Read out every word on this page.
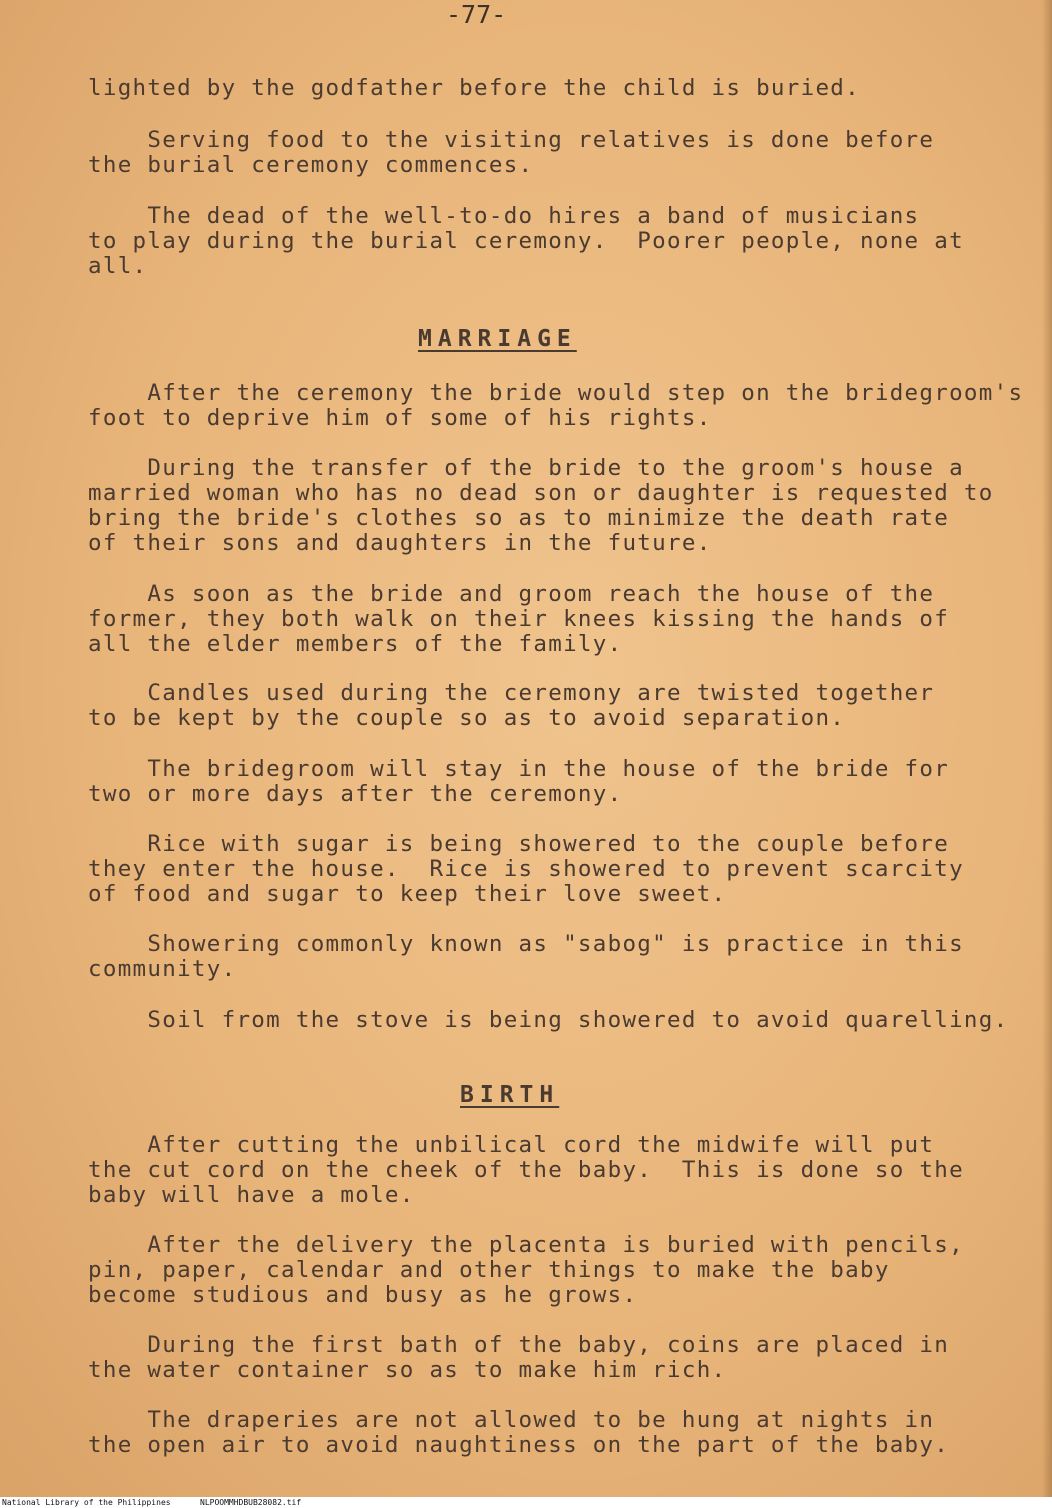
-77-

lighted by the godfather before the child is buried.

Serving food to the visiting relatives is done before
the burial ceremony commences.

The dead of the well-to-do hires a band of musicians
to play during the burial ceremony.  Poorer people, none at
all.

MARRIAGE

After the ceremony the bride would step on the bridegroom's
foot to deprive him of some of his rights.

During the transfer of the bride to the groom's house a
married woman who has no dead son or daughter is requested to
bring the bride's clothes so as to minimize the death rate
of their sons and daughters in the future.

As soon as the bride and groom reach the house of the
former, they both walk on their knees kissing the hands of
all the elder members of the family.

Candles used during the ceremony are twisted together
to be kept by the couple so as to avoid separation.

The bridegroom will stay in the house of the bride for
two or more days after the ceremony.

Rice with sugar is being showered to the couple before
they enter the house.  Rice is showered to prevent scarcity
of food and sugar to keep their love sweet.

Showering commonly known as "sabog" is practice in this
community.

Soil from the stove is being showered to avoid quarelling.

BIRTH

After cutting the unbilical cord the midwife will put
the cut cord on the cheek of the baby.  This is done so the
baby will have a mole.

After the delivery the placenta is buried with pencils,
pin, paper, calendar and other things to make the baby
become studious and busy as he grows.

During the first bath of the baby, coins are placed in
the water container so as to make him rich.

The draperies are not allowed to be hung at nights in
the open air to avoid naughtiness on the part of the baby.

National Library of the Philippines	NLPOOMMHDBUB28082.tif
